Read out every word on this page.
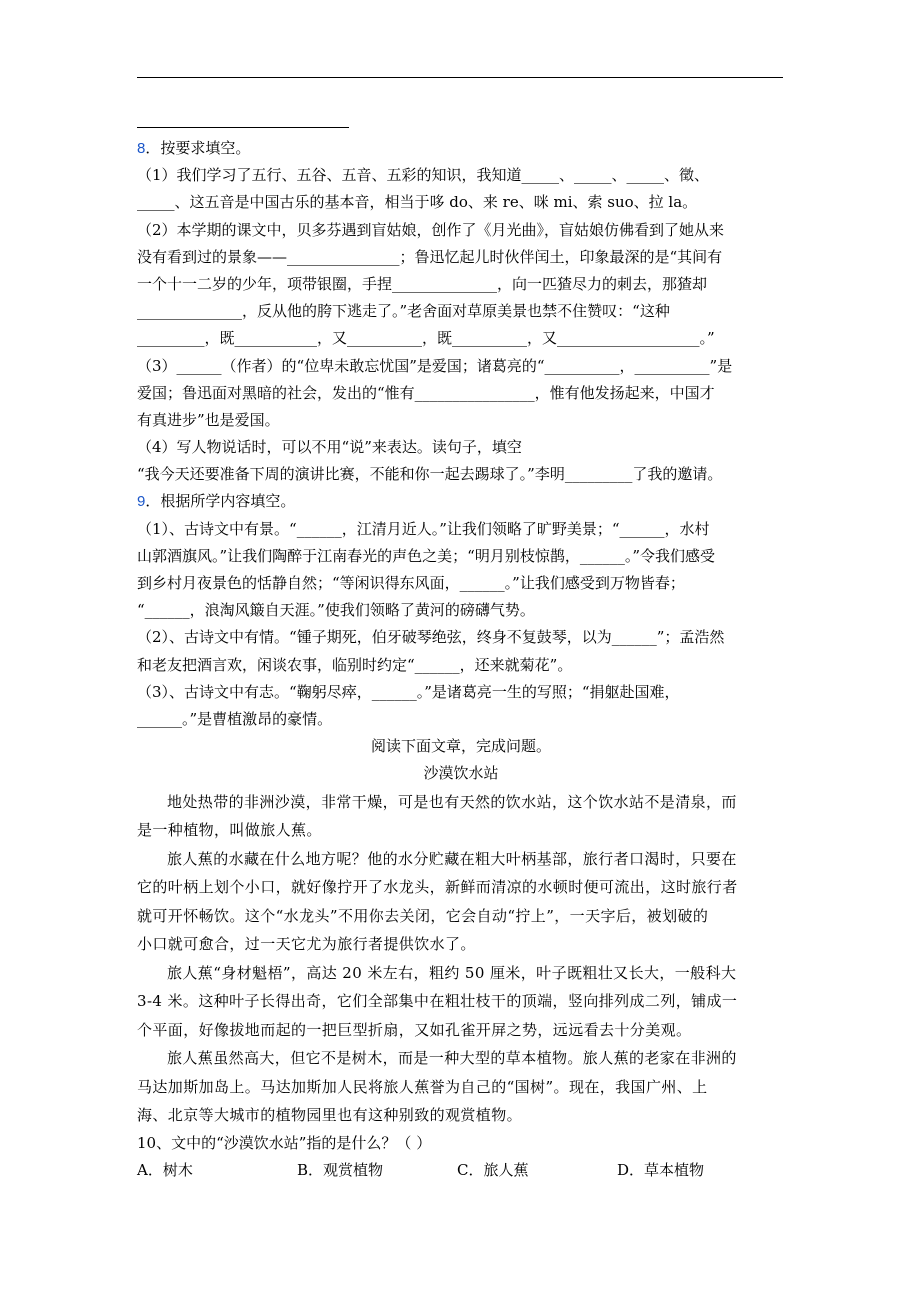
8．按要求填空。
（1）我们学习了五行、五谷、五音、五彩的知识，我知道_____、_____、_____、徵、
_____、这五音是中国古乐的基本音，相当于哆 do、来 re、咪 mi、索 suo、拉 la。
（2）本学期的课文中，贝多芬遇到盲姑娘，创作了《月光曲》，盲姑娘仿佛看到了她从来
没有看到过的景象——_______________；鲁迅忆起儿时伙伴闰土，印象最深的是“其间有
一个十一二岁的少年，项带银圈，手捏______________，向一匹猹尽力的刺去，那猹却
______________，反从他的胯下逃走了。”老舍面对草原美景也禁不住赞叹：“这种
_________，既___________，又__________，既__________，又___________________。”
（3）______（作者）的“位卑未敢忘忧国”是爱国；诸葛亮的“__________，__________”是
爱国；鲁迅面对黑暗的社会，发出的“惟有________________，惟有他发扬起来，中国才
有真进步”也是爱国。
（4）写人物说话时，可以不用“说”来表达。读句子，填空
“我今天还要准备下周的演讲比赛，不能和你一起去踢球了。”李明_________了我的邀请。
9．根据所学内容填空。
（1）、古诗文中有景。“______，江清月近人。”让我们领略了旷野美景；“______，水村
山郭酒旗风。”让我们陶醉于江南春光的声色之美；“明月别枝惊鹊，______。”令我们感受
到乡村月夜景色的恬静自然；“等闲识得东风面，______。”让我们感受到万物皆春；
“______，浪淘风簸自天涯。”使我们领略了黄河的磅礴气势。
（2）、古诗文中有情。“锺子期死，伯牙破琴绝弦，终身不复鼓琴，以为______”；孟浩然
和老友把酒言欢，闲谈农事，临别时约定“______，还来就菊花”。
（3）、古诗文中有志。“鞠躬尽瘁，______。”是诸葛亮一生的写照；“捐躯赴国难，
______。”是曹植激昂的豪情。
阅读下面文章，完成问题。
沙漠饮水站
地处热带的非洲沙漠，非常干燥，可是也有天然的饮水站，这个饮水站不是清泉，而
是一种植物，叫做旅人蕉。
旅人蕉的水藏在什么地方呢？他的水分贮藏在粗大叶柄基部，旅行者口渴时，只要在
它的叶柄上划个小口，就好像拧开了水龙头，新鲜而清凉的水顿时便可流出，这时旅行者
就可开怀畅饮。这个“水龙头”不用你去关闭，它会自动“拧上”，一天字后，被划破的
小口就可愈合，过一天它尤为旅行者提供饮水了。
旅人蕉“身材魁梧”，高达 20 米左右，粗约 50 厘米，叶子既粗壮又长大，一般科大
3-4 米。这种叶子长得出奇，它们全部集中在粗壮枝干的顶端，竖向排列成二列，铺成一
个平面，好像拔地而起的一把巨型折扇，又如孔雀开屏之势，远远看去十分美观。
旅人蕉虽然高大，但它不是树木，而是一种大型的草本植物。旅人蕉的老家在非洲的
马达加斯加岛上。马达加斯加人民将旅人蕉誉为自己的“国树”。现在，我国广州、上
海、北京等大城市的植物园里也有这种别致的观赏植物。
10、文中的“沙漠饮水站”指的是什么？（ ）
A．树木	B．观赏植物	C．旅人蕉	D．草本植物
